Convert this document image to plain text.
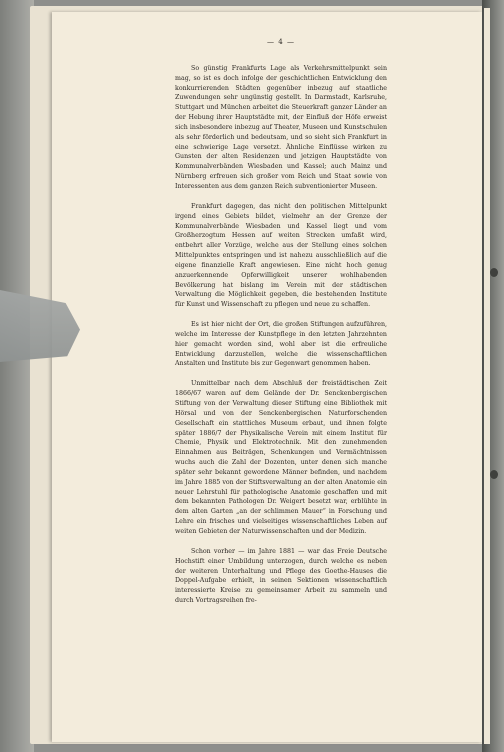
— 4 —

So günstig Frankfurts Lage als Verkehrsmittelpunkt sein mag, so ist es doch infolge der geschichtlichen Entwicklung den konkurrierenden Städten gegenüber inbezug auf staatliche Zuwendungen sehr ungünstig gestellt. In Darmstadt, Karlsruhe, Stuttgart und München arbeitet die Steuerkraft ganzer Länder an der Hebung ihrer Hauptstädte mit, der Einfluß der Höfe erweist sich insbesondere inbezug auf Theater, Museen und Kunstschulen als sehr förderlich und bedeutsam, und so sieht sich Frankfurt in eine schwierige Lage versetzt. Ähnliche Einflüsse wirken zu Gunsten der alten Residenzen und jetzigen Hauptstädte von Kommunalverbänden Wiesbaden und Kassel; auch Mainz und Nürnberg erfreuen sich großer vom Reich und Staat sowie von Interessenten aus dem ganzen Reich subventionierter Museen.

Frankfurt dagegen, das nicht den politischen Mittelpunkt irgend eines Gebiets bildet, vielmehr an der Grenze der Kommunalverbände Wiesbaden und Kassel liegt und vom Großherzogtum Hessen auf weiten Strecken umfaßt wird, entbehrt aller Vorzüge, welche aus der Stellung eines solchen Mittelpunktes entspringen und ist nahezu ausschließlich auf die eigene finanzielle Kraft angewiesen. Eine nicht hoch genug anzuerkennende Opferwilligkeit unserer wohlhabenden Bevölkerung hat bislang im Verein mit der städtischen Verwaltung die Möglichkeit gegeben, die bestehenden Institute für Kunst und Wissenschaft zu pflegen und neue zu schaffen.

Es ist hier nicht der Ort, die großen Stiftungen aufzuführen, welche im Interesse der Kunstpflege in den letzten Jahrzehnten hier gemacht worden sind, wohl aber ist die erfreuliche Entwicklung darzustellen, welche die wissenschaftlichen Anstalten und Institute bis zur Gegenwart genommen haben.

Unmittelbar nach dem Abschluß der freistädtischen Zeit 1866/67 waren auf dem Gelände der Dr. Senckenbergischen Stiftung von der Verwaltung dieser Stiftung eine Bibliothek mit Hörsal und von der Senckenbergischen Naturforschenden Gesellschaft ein stattliches Museum erbaut, und ihnen folgte später 1886/7 der Physikalische Verein mit einem Institut für Chemie, Physik und Elektrotechnik. Mit den zunehmenden Einnahmen aus Beiträgen, Schenkungen und Vermächtnissen wuchs auch die Zahl der Dozenten, unter denen sich manche später sehr bekannt gewordene Männer befinden, und nachdem im Jahre 1885 von der Stiftsverwaltung an der alten Anatomie ein neuer Lehrstuhl für pathologische Anatomie geschaffen und mit dem bekannten Pathologen Dr. Weigert besetzt war, erblühte in dem alten Garten „an der schlimmen Mauer“ in Forschung und Lehre ein frisches und vielseitiges wissenschaftliches Leben auf weiten Gebieten der Naturwissenschaften und der Medizin.

Schon vorher — im Jahre 1881 — war das Freie Deutsche Hochstift einer Umbildung unterzogen, durch welche es neben der weiteren Unterhaltung und Pflege des Goethe-Hauses die Doppel-Aufgabe erhielt, in seinen Sektionen wissenschaftlich interessierte Kreise zu gemeinsamer Arbeit zu sammeln und durch Vortragsreihen fre-
